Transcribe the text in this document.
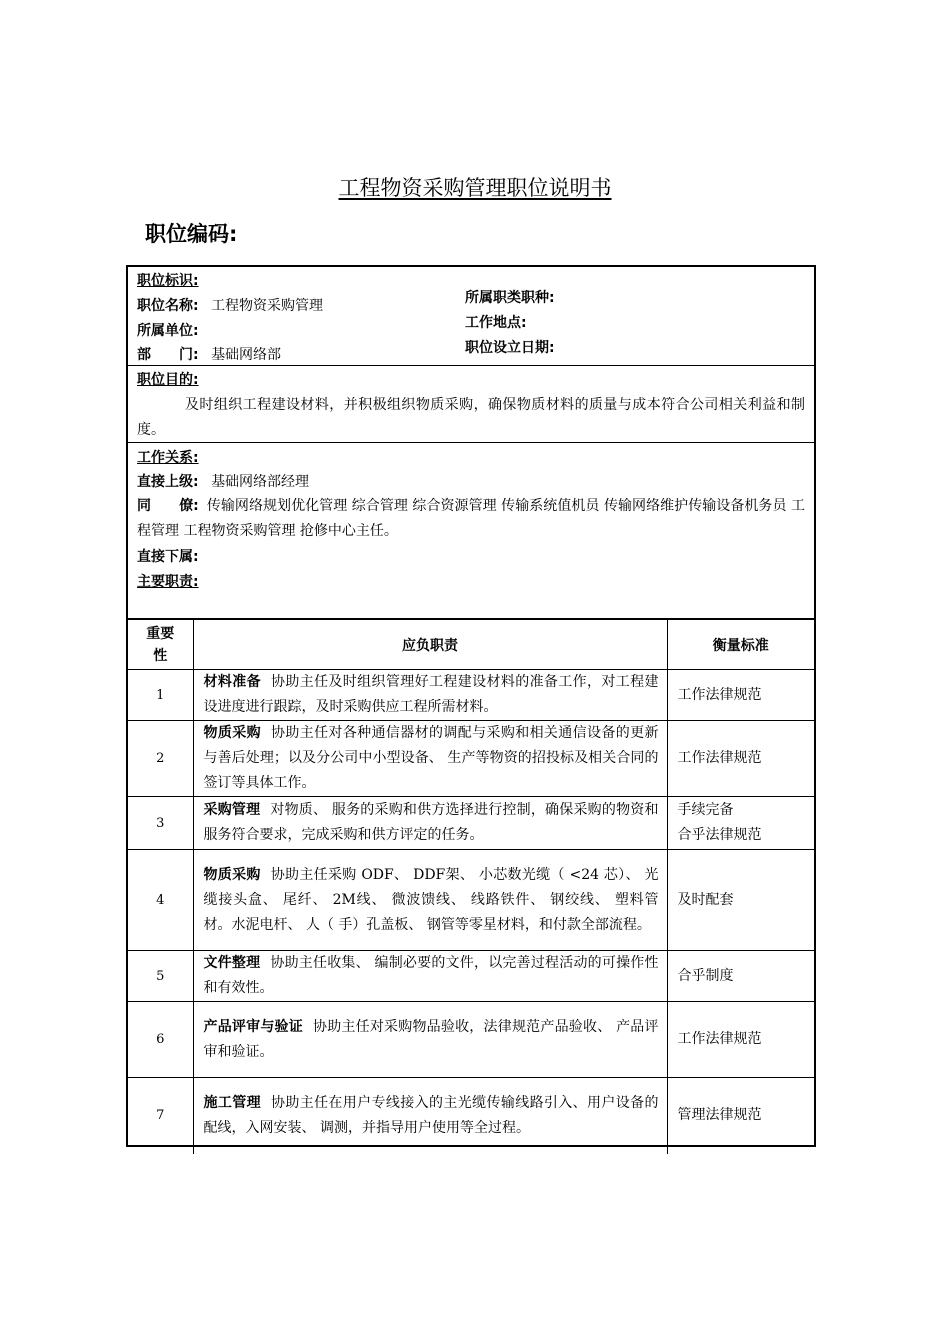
工程物资采购管理职位说明书
职位编码:
职位标识:
职位名称: 工程物资采购管理
所属单位:
部　　门: 基础网络部
所属职类职种:
工作地点:
职位设立日期:
职位目的:
及时组织工程建设材料，并积极组织物质采购，确保物质材料的质量与成本符合公司相关利益和制度。
工作关系:
直接上级: 基础网络部经理
同　　僚: 传输网络规划优化管理 综合管理 综合资源管理 传输系统值机员 传输网络维护传输设备机务员 工程管理 工程物资采购管理 抢修中心主任。
直接下属:
主要职责:
重要性	应负职责	衡量标准
1	材料准备 协助主任及时组织管理好工程建设材料的准备工作，对工程建设进度进行跟踪，及时采购供应工程所需材料。	工作法律规范
2	物质采购 协助主任对各种通信器材的调配与采购和相关通信设备的更新与善后处理；以及分公司中小型设备、 生产等物资的招投标及相关合同的签订等具体工作。	工作法律规范
3	采购管理 对物质、 服务的采购和供方选择进行控制，确保采购的物资和服务符合要求，完成采购和供方评定的任务。	手续完备
合乎法律规范
4	物质采购 协助主任采购 ODF、 DDF架、 小芯数光缆（ <24 芯）、 光缆接头盒、 尾纤、 2M线、 微波馈线、 线路铁件、 钢绞线、 塑料管材。水泥电杆、 人（ 手）孔盖板、 钢管等零星材料，和付款全部流程。	及时配套
5	文件整理 协助主任收集、 编制必要的文件，以完善过程活动的可操作性和有效性。	合乎制度
6	产品评审与验证 协助主任对采购物品验收，法律规范产品验收、 产品评审和验证。	工作法律规范
7	施工管理 协助主任在用户专线接入的主光缆传输线路引入、用户设备的配线，入网安装、 调测，并指导用户使用等全过程。	管理法律规范
